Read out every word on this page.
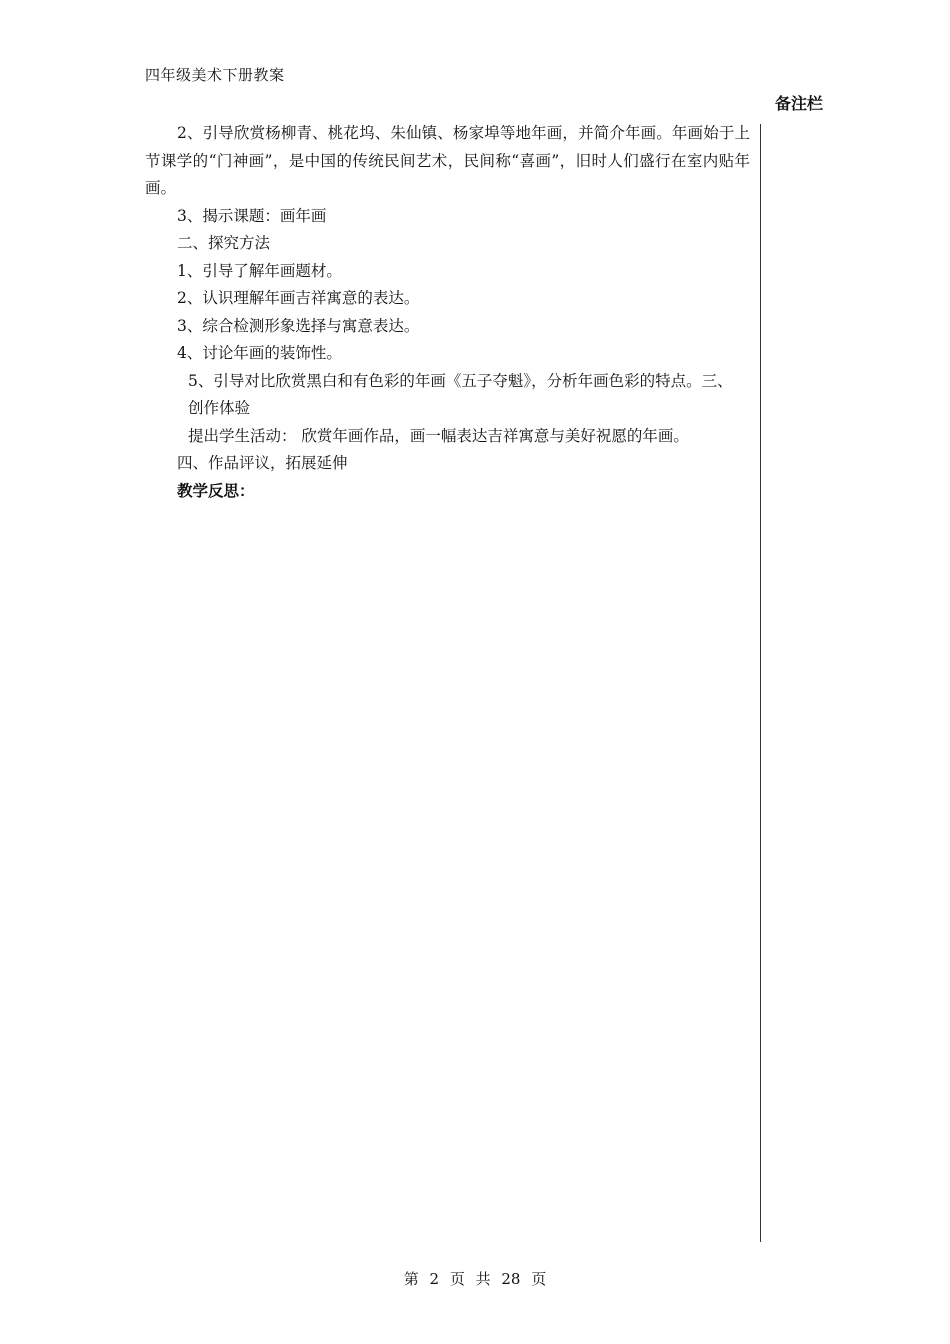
四年级美术下册教案
备注栏

2、引导欣赏杨柳青、桃花坞、朱仙镇、杨家埠等地年画，并简介年画。年画始于上节课学的“门神画”，是中国的传统民间艺术，民间称“喜画”，旧时人们盛行在室内贴年画。

3、揭示课题：画年画

二、探究方法

1、引导了解年画题材。

2、认识理解年画吉祥寓意的表达。

3、综合检测形象选择与寓意表达。

4、讨论年画的装饰性。

5、引导对比欣赏黑白和有色彩的年画《五子夺魁》，分析年画色彩的特点。三、

创作体验

提出学生活动： 欣赏年画作品，画一幅表达吉祥寓意与美好祝愿的年画。

四、作品评议，拓展延伸

教学反思：

第 2 页 共 28 页
